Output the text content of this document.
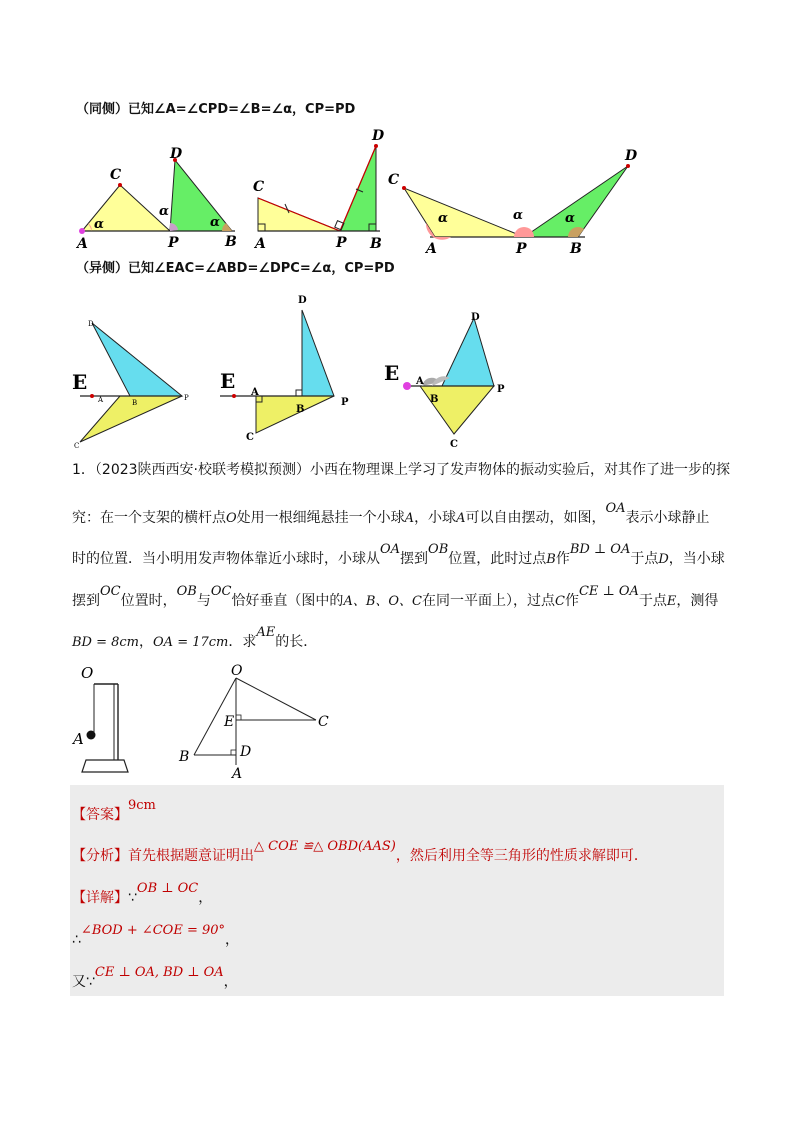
（同侧）已知∠A=∠CPD=∠B=∠α，CP=PD
A
C
D
P	B
α
α
α
C
A	P B
D
C
A	P	B
D
α	α	α
（异侧）已知∠EAC=∠ABD=∠DPC=∠α，CP=PD
E
D
C
A	B
P
E
D
C
A
B
P
E
D
C
A
B
P
1．（2023陕西西安·校联考模拟预测）小西在物理课上学习了发声物体的振动实验后，对其作了进一步的探
究：在一个支架的横杆点O处用一根细绳悬挂一个小球A，小球A可以自由摆动，如图，OA表示小球静止
时的位置．当小明用发声物体靠近小球时，小球从OA摆到OB位置，此时过点B作BD ⊥ OA于点D，当小球
摆到OC位置时，OB与OC恰好垂直（图中的A、B、O、C在同一平面上），过点C作CE ⊥ OA于点E，测得
BD = 8cm，OA = 17cm．求AE的长．
O
A
O
E	C
B	D
A
【答案】9cm
【分析】首先根据题意证明出△ COE ≌△ OBD(AAS)，然后利用全等三角形的性质求解即可．
【详解】∵OB ⊥ OC，
∴∠BOD + ∠COE = 90°，
又∵CE ⊥ OA, BD ⊥ OA，
